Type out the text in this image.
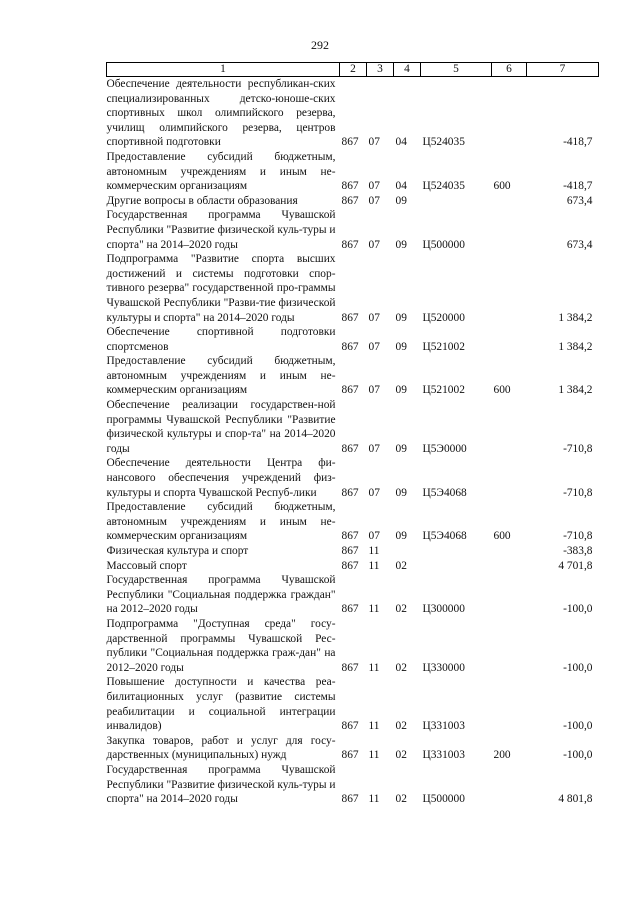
292
1	2	3	4	5	6	7
Обеспечение деятельности республикан-ских специализированных детско-юноше-ских спортивных школ олимпийского резерва, училищ олимпийского резерва, центров спортивной подготовки	867	07	04	Ц524035		-418,7
Предоставление субсидий бюджетным, автономным учреждениям и иным не-коммерческим организациям	867	07	04	Ц524035	600	-418,7
Другие вопросы в области образования	867	07	09			673,4
Государственная программа Чувашской Республики "Развитие физической куль-туры и спорта" на 2014–2020 годы	867	07	09	Ц500000		673,4
Подпрограмма "Развитие спорта высших достижений и системы подготовки спор-тивного резерва" государственной про-граммы Чувашской Республики "Разви-тие физической культуры и спорта" на 2014–2020 годы	867	07	09	Ц520000		1 384,2
Обеспечение спортивной подготовки спортсменов	867	07	09	Ц521002		1 384,2
Предоставление субсидий бюджетным, автономным учреждениям и иным не-коммерческим организациям	867	07	09	Ц521002	600	1 384,2
Обеспечение реализации государствен-ной программы Чувашской Республики "Развитие физической культуры и спор-та" на 2014–2020 годы	867	07	09	Ц5Э0000		-710,8
Обеспечение деятельности Центра фи-нансового обеспечения учреждений физ-культуры и спорта Чувашской Респуб-лики	867	07	09	Ц5Э4068		-710,8
Предоставление субсидий бюджетным, автономным учреждениям и иным не-коммерческим организациям	867	07	09	Ц5Э4068	600	-710,8
Физическая культура и спорт	867	11				-383,8
Массовый спорт	867	11	02			4 701,8
Государственная программа Чувашской Республики "Социальная поддержка граждан" на 2012–2020 годы	867	11	02	Ц300000		-100,0
Подпрограмма "Доступная среда" госу-дарственной программы Чувашской Рес-публики "Социальная поддержка граж-дан" на 2012–2020 годы	867	11	02	Ц330000		-100,0
Повышение доступности и качества реа-билитационных услуг (развитие системы реабилитации и социальной интеграции инвалидов)	867	11	02	Ц331003		-100,0
Закупка товаров, работ и услуг для госу-дарственных (муниципальных) нужд	867	11	02	Ц331003	200	-100,0
Государственная программа Чувашской Республики "Развитие физической куль-туры и спорта" на 2014–2020 годы	867	11	02	Ц500000		4 801,8
